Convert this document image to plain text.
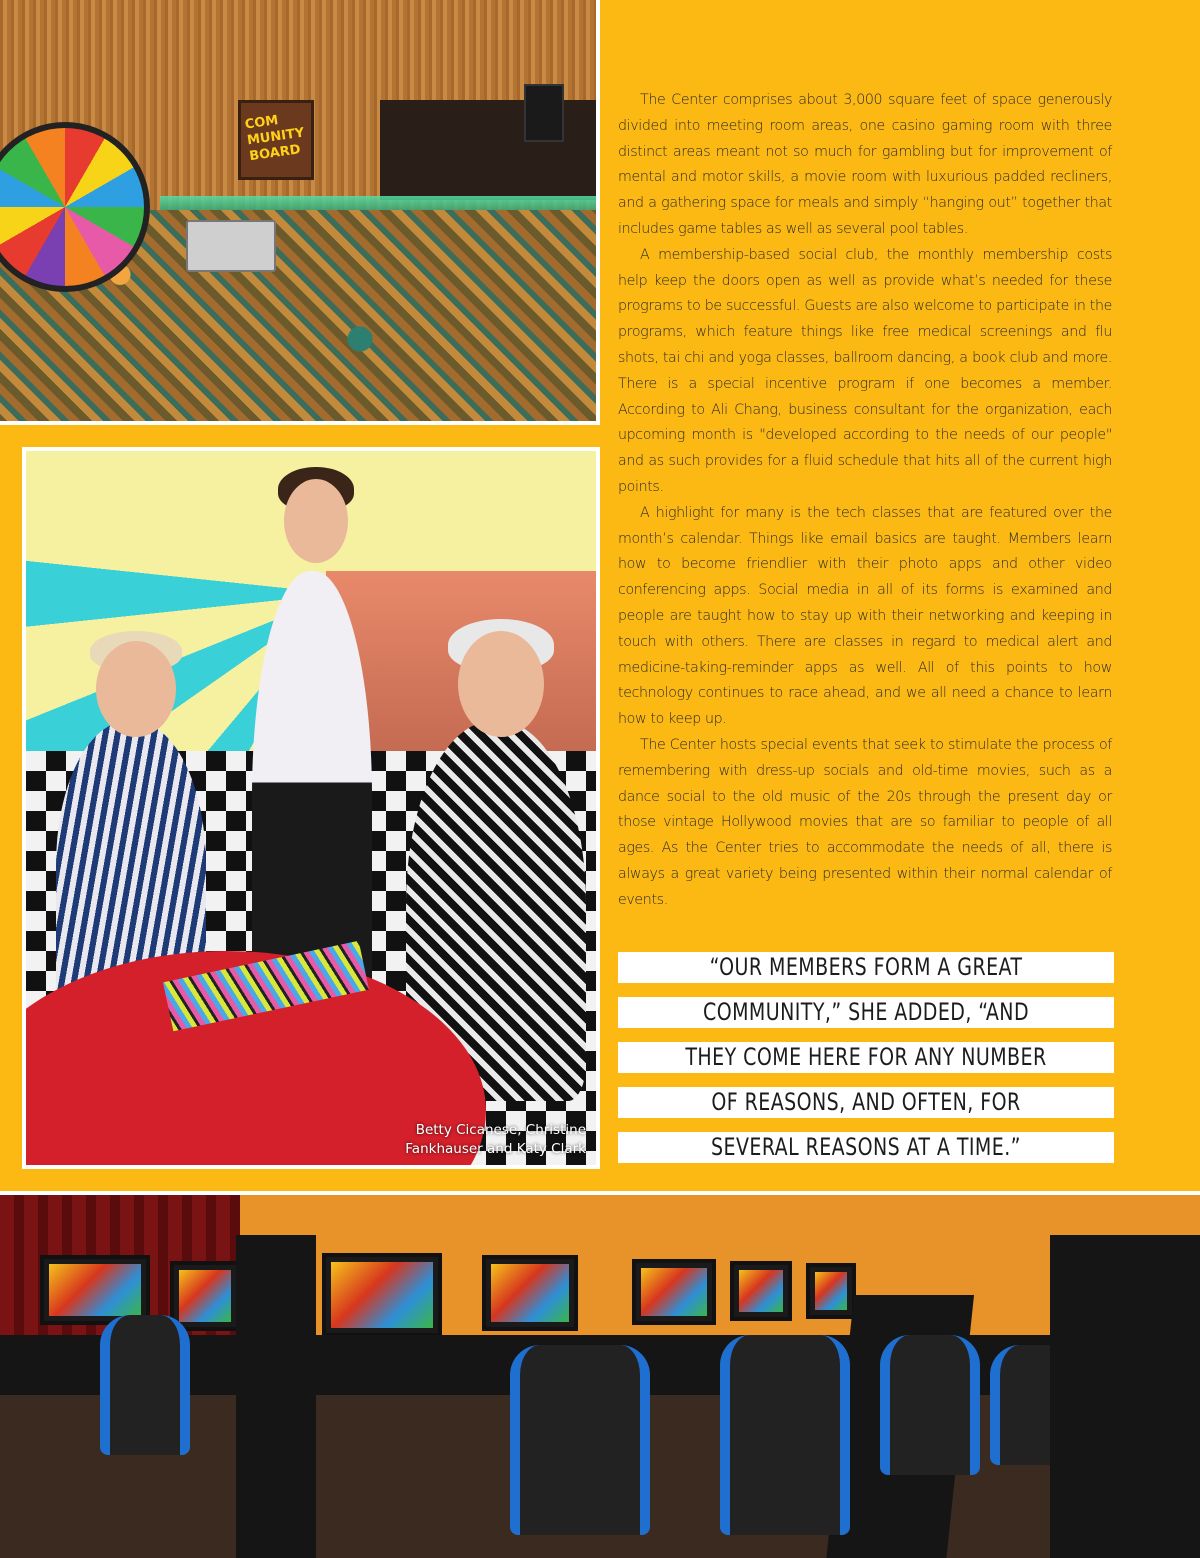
COM MUNITY BOARD
Betty Cicanese, Christine
Fankhauser and Katy Clark

The Center comprises about 3,000 square feet of space generously divided into meeting room areas, one casino gaming room with three distinct areas meant not so much for gambling but for improvement of mental and motor skills, a movie room with luxurious padded recliners, and a gathering space for meals and simply “hanging out” together that includes game tables as well as several pool tables.

A membership-based social club, the monthly membership costs help keep the doors open as well as provide what’s needed for these programs to be successful. Guests are also welcome to participate in the programs, which feature things like free medical screenings and flu shots, tai chi and yoga classes, ballroom dancing, a book club and more. There is a special incentive program if one becomes a member. According to Ali Chang, business consultant for the organization, each upcoming month is "developed according to the needs of our people" and as such provides for a fluid schedule that hits all of the current high points.

A highlight for many is the tech classes that are featured over the month’s calendar. Things like email basics are taught. Members learn how to become friendlier with their photo apps and other video conferencing apps. Social media in all of its forms is examined and people are taught how to stay up with their networking and keeping in touch with others. There are classes in regard to medical alert and medicine-taking-reminder apps as well. All of this points to how technology continues to race ahead, and we all need a chance to learn how to keep up.

The Center hosts special events that seek to stimulate the process of remembering with dress-up socials and old-time movies, such as a dance social to the old music of the 20s through the present day or those vintage Hollywood movies that are so familiar to people of all ages. As the Center tries to accommodate the needs of all, there is always a great variety being presented within their normal calendar of events.

“OUR MEMBERS FORM A GREAT
COMMUNITY,” SHE ADDED, “AND
THEY COME HERE FOR ANY NUMBER
OF REASONS, AND OFTEN, FOR
SEVERAL REASONS AT A TIME.”
